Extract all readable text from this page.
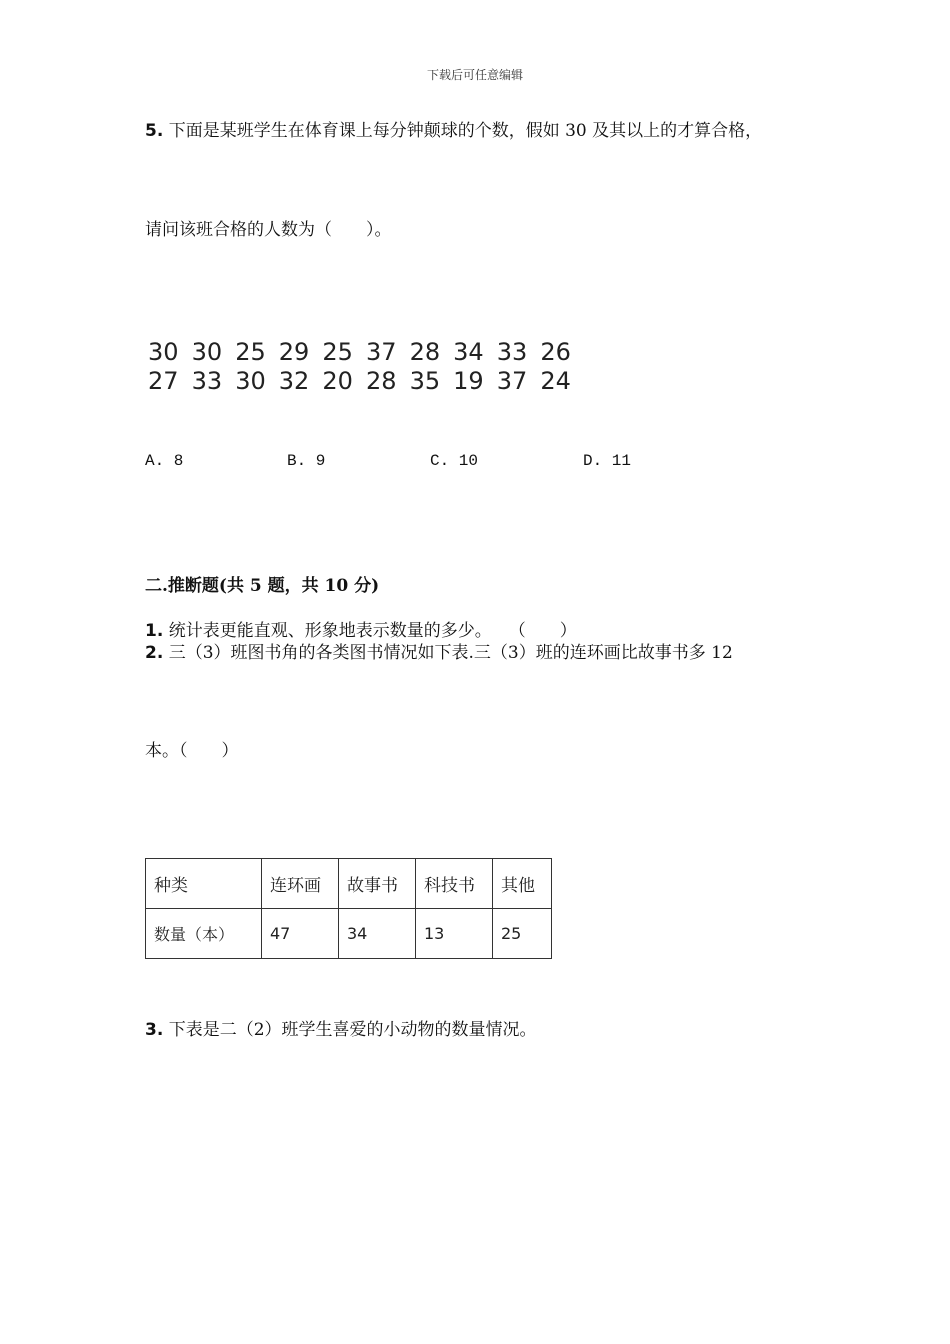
下载后可任意编辑
5. 下面是某班学生在体育课上每分钟颠球的个数，假如 30 及其以上的才算合格，
请问该班合格的人数为（　　）。
30 30 25 29 25 37 28 34 33 26
27 33 30 32 20 28 35 19 37 24
A. 8	B. 9	C. 10	D. 11
二.推断题(共 5 题，共 10 分)
1. 统计表更能直观、形象地表示数量的多少。　　（　　）
2. 三（3）班图书角的各类图书情况如下表.三（3）班的连环画比故事书多 12
本。（　　）
种类	连环画	故事书	科技书	其他
数量（本）	47	34	13	25
3. 下表是二（2）班学生喜爱的小动物的数量情况。
